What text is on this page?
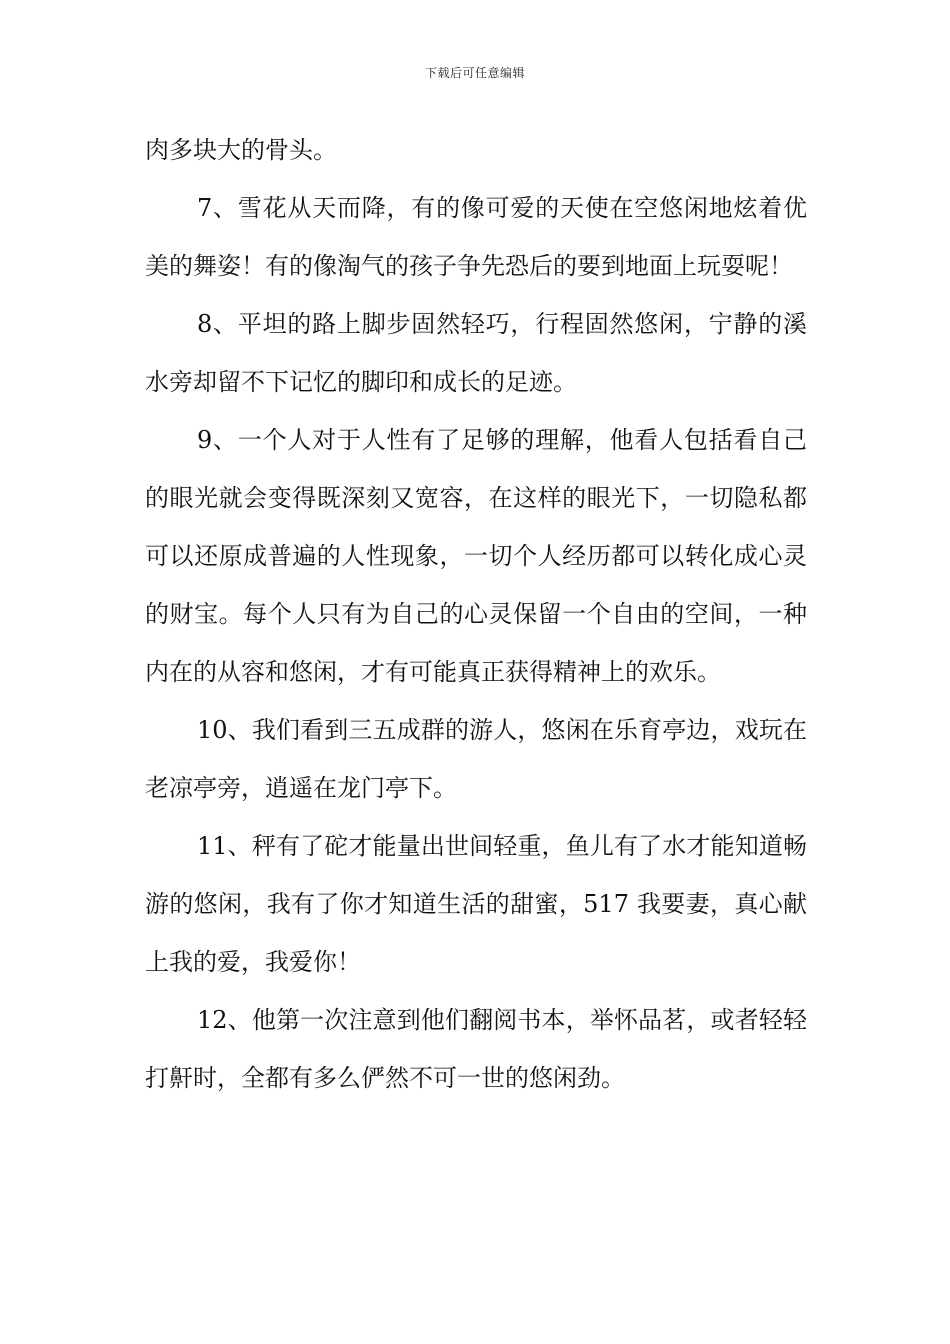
下载后可任意编辑

肉多块大的骨头。

7、雪花从天而降，有的像可爱的天使在空悠闲地炫着优美的舞姿！有的像淘气的孩子争先恐后的要到地面上玩耍呢！

8、平坦的路上脚步固然轻巧，行程固然悠闲，宁静的溪水旁却留不下记忆的脚印和成长的足迹。

9、一个人对于人性有了足够的理解，他看人包括看自己的眼光就会变得既深刻又宽容，在这样的眼光下，一切隐私都可以还原成普遍的人性现象，一切个人经历都可以转化成心灵的财宝。每个人只有为自己的心灵保留一个自由的空间，一种内在的从容和悠闲，才有可能真正获得精神上的欢乐。

10、我们看到三五成群的游人，悠闲在乐育亭边，戏玩在老凉亭旁，逍遥在龙门亭下。

11、秤有了砣才能量出世间轻重，鱼儿有了水才能知道畅游的悠闲，我有了你才知道生活的甜蜜，517 我要妻，真心献上我的爱，我爱你！

12、他第一次注意到他们翻阅书本，举怀品茗，或者轻轻打鼾时，全都有多么俨然不可一世的悠闲劲。
